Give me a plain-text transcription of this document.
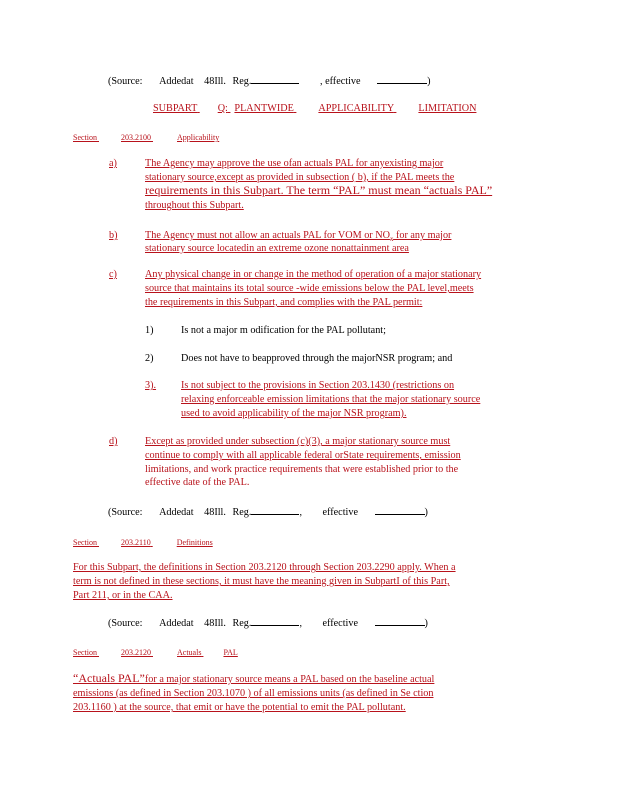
(Source: Addedat 48Ill. Reg.	, effective	)
SUBPART Q: PLANTWIDE APPLICABILITY LIMITATION
Section	203.2100	Applicability
a)	The Agency may approve the use ofan actuals PAL for anyexisting major
stationary source,except as provided in subsection ( b), if the PAL meets the
requirements in this Subpart. The term “PAL” must mean “actuals PAL”
throughout this Subpart.
b)	The Agency must not allow an actuals PAL for VOM or $NO_x$ for any major
stationary source locatedin an extreme ozone nonattainment area
c)	Any physical change in or change in the method of operation of a major stationary
source that maintains its total source -wide emissions below the PAL level,meets
the requirements in this Subpart, and complies with the PAL permit:
1)	Is not a major m odification for the PAL pollutant;
2)	Does not have to beapproved through the majorNSR program; and
3). Is not subject to the provisions in Section 203.1430 (restrictions on
relaxing enforceable emission limitations that the major stationary source
used to avoid applicability of the major NSR program).
d)	Except as provided under subsection (c)(3), a major stationary source must
continue to comply with all applicable federal orState requirements, emission
limitations, and work practice requirements that were established prior to the
effective date of the PAL.
(Source: Addedat 48Ill. Reg.	, effective	)
Section	203.2110	Definitions
For this Subpart, the definitions in Section 203.2120 through Section 203.2290 apply. When a
term is not defined in these sections, it must have the meaning given in SubpartI of this Part,
Part 211, or in the CAA.
(Source: Addedat 48Ill. Reg.	, effective	)
Section	203.2120	Actuals	PAL
“Actuals PAL”for a major stationary source means a PAL based on the baseline actual
emissions (as defined in Section 203.1070 ) of all emissions units (as defined in Se ction
203.1160 ) at the source, that emit or have the potential to emit the PAL pollutant.
